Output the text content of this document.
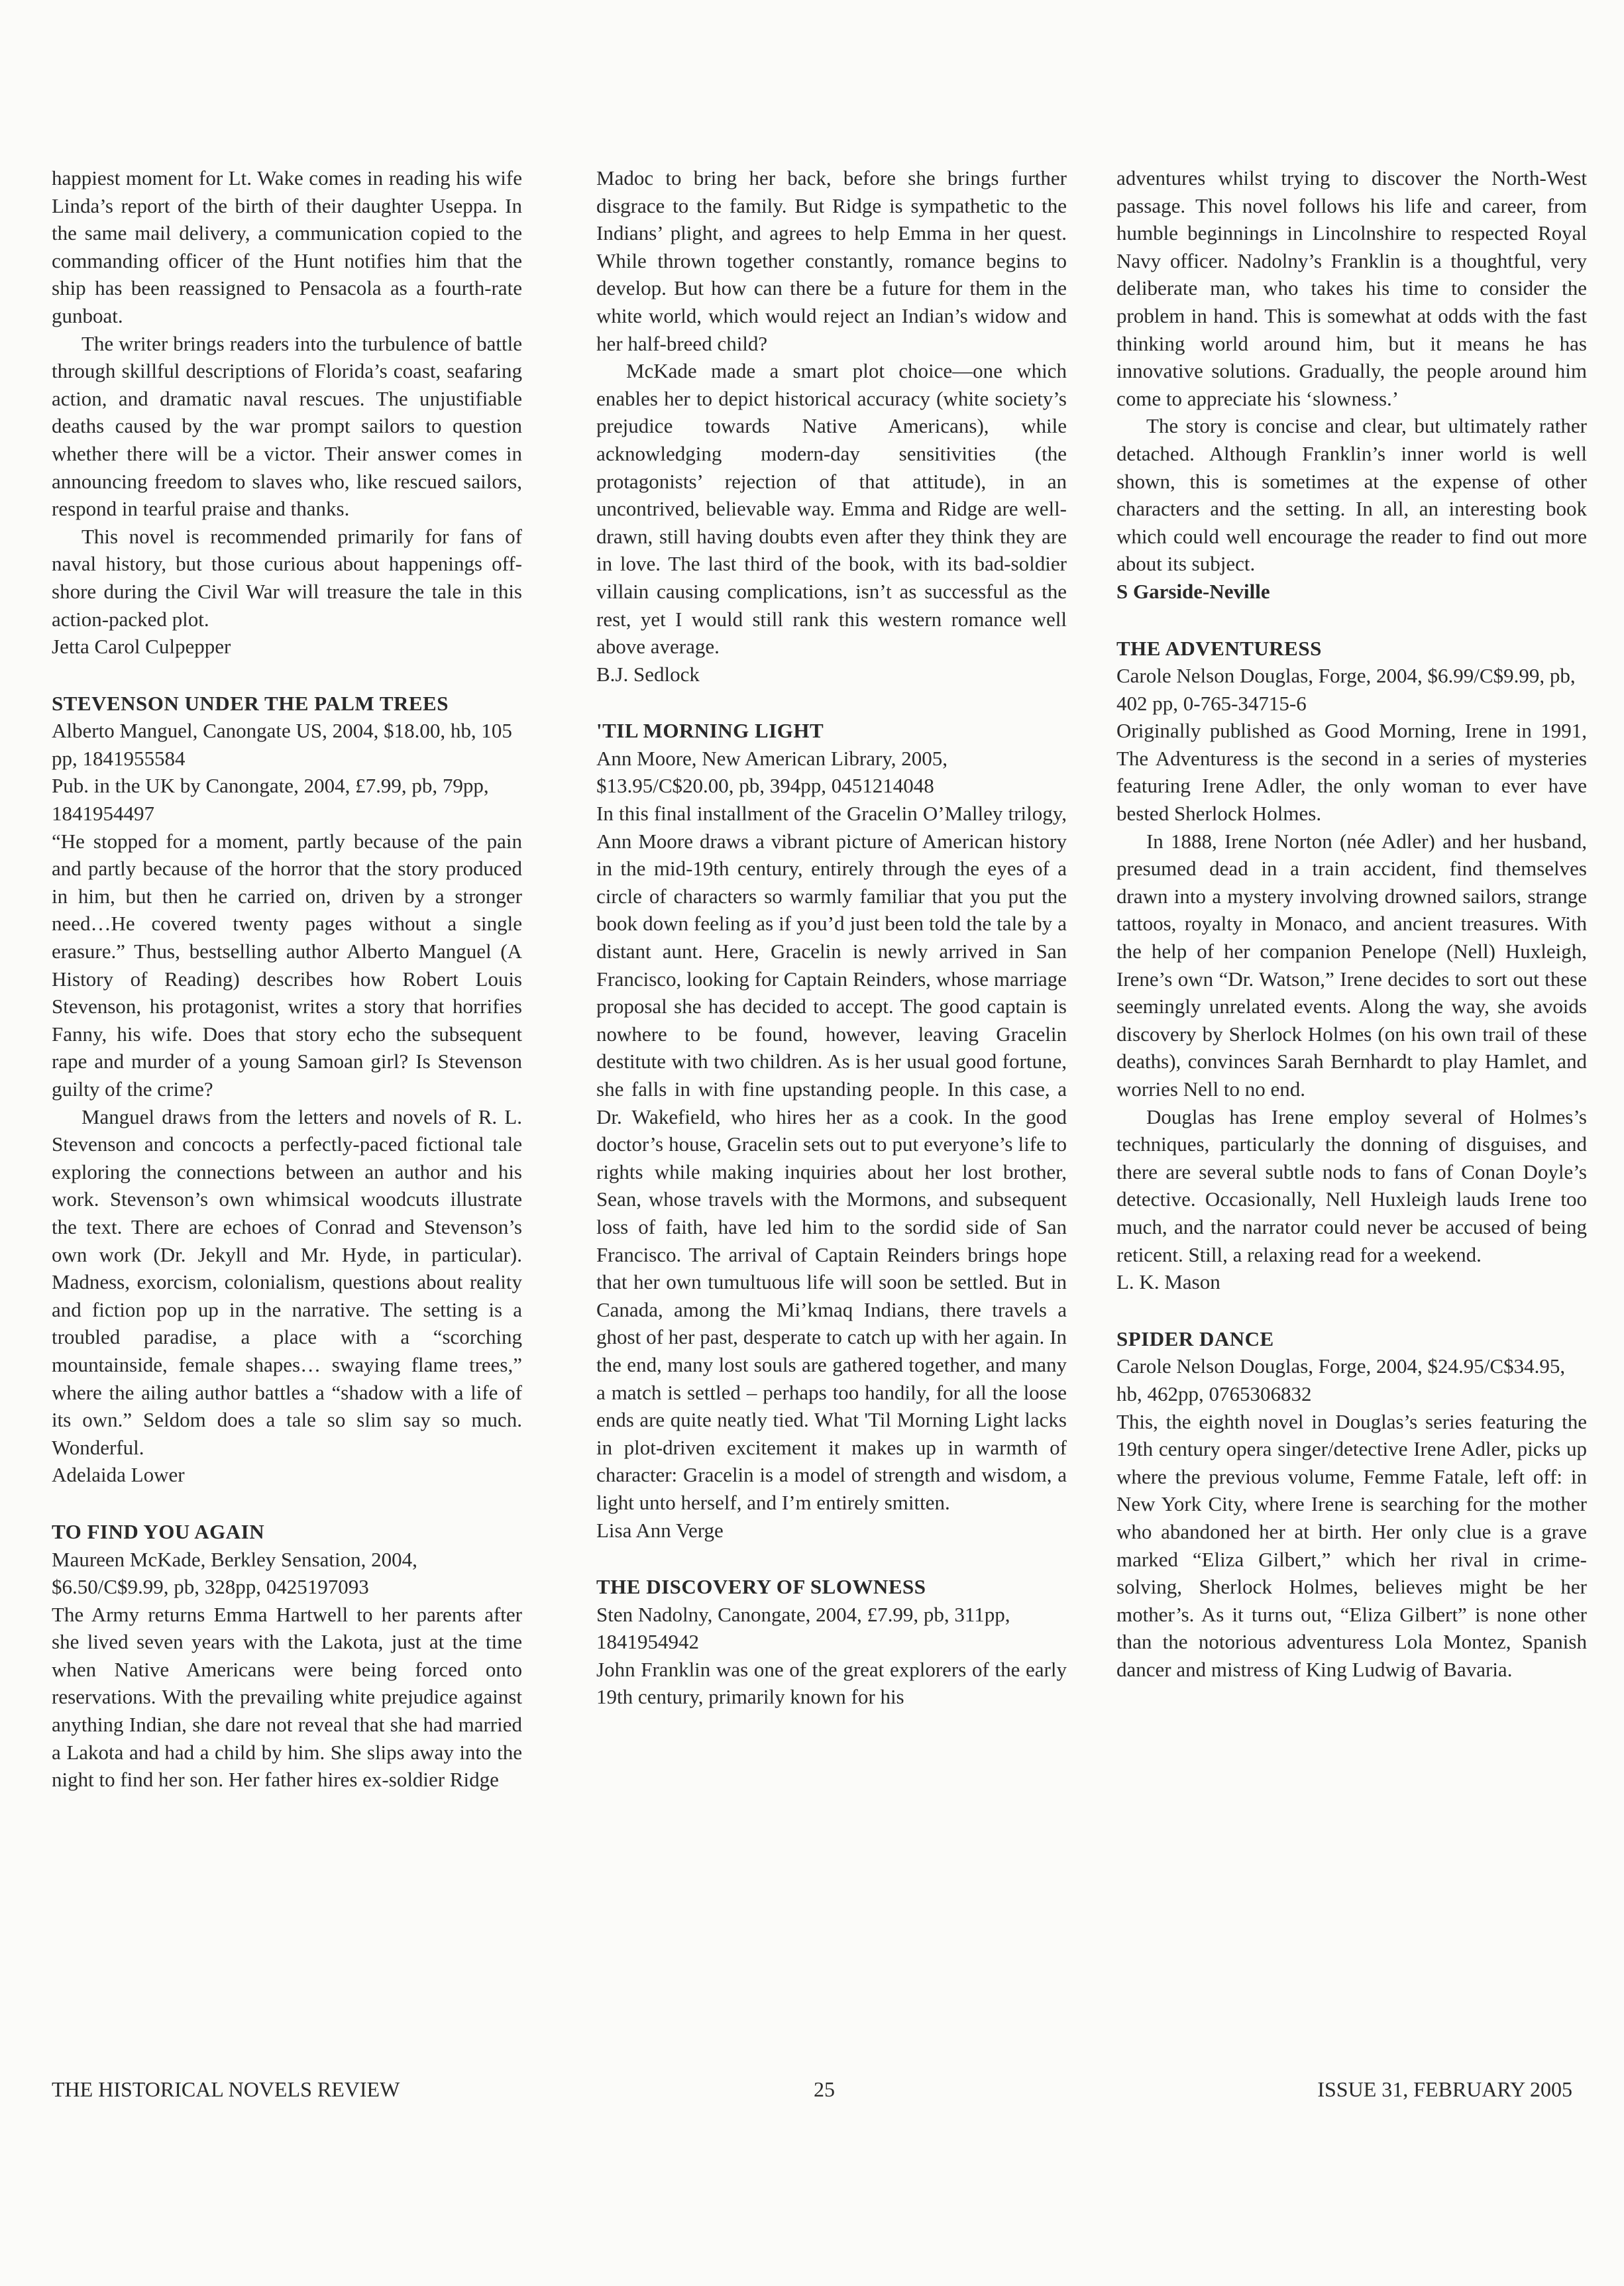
happiest moment for Lt. Wake comes in reading his wife Linda’s report of the birth of their daughter Useppa. In the same mail delivery, a communication copied to the commanding officer of the Hunt notifies him that the ship has been reassigned to Pensacola as a fourth-rate gunboat.

The writer brings readers into the turbulence of battle through skillful descriptions of Florida’s coast, seafaring action, and dramatic naval rescues. The unjustifiable deaths caused by the war prompt sailors to question whether there will be a victor. Their answer comes in announcing freedom to slaves who, like rescued sailors, respond in tearful praise and thanks.

This novel is recommended primarily for fans of naval history, but those curious about happenings off-shore during the Civil War will treasure the tale in this action-packed plot.

Jetta Carol Culpepper

STEVENSON UNDER THE PALM TREES

Alberto Manguel, Canongate US, 2004, $18.00, hb, 105 pp, 1841955584

Pub. in the UK by Canongate, 2004, £7.99, pb, 79pp, 1841954497

“He stopped for a moment, partly because of the pain and partly because of the horror that the story produced in him, but then he carried on, driven by a stronger need…He covered twenty pages without a single erasure.” Thus, bestselling author Alberto Manguel (A History of Reading) describes how Robert Louis Stevenson, his protagonist, writes a story that horrifies Fanny, his wife. Does that story echo the subsequent rape and murder of a young Samoan girl? Is Stevenson guilty of the crime?

Manguel draws from the letters and novels of R. L. Stevenson and concocts a perfectly-paced fictional tale exploring the connections between an author and his work. Stevenson’s own whimsical woodcuts illustrate the text. There are echoes of Conrad and Stevenson’s own work (Dr. Jekyll and Mr. Hyde, in particular). Madness, exorcism, colonialism, questions about reality and fiction pop up in the narrative. The setting is a troubled paradise, a place with a “scorching mountainside, female shapes… swaying flame trees,” where the ailing author battles a “shadow with a life of its own.” Seldom does a tale so slim say so much. Wonderful.

Adelaida Lower

TO FIND YOU AGAIN

Maureen McKade, Berkley Sensation, 2004, $6.50/C$9.99, pb, 328pp, 0425197093

The Army returns Emma Hartwell to her parents after she lived seven years with the Lakota, just at the time when Native Americans were being forced onto reservations. With the prevailing white prejudice against anything Indian, she dare not reveal that she had married a Lakota and had a child by him. She slips away into the night to find her son. Her father hires ex-soldier Ridge

Madoc to bring her back, before she brings further disgrace to the family. But Ridge is sympathetic to the Indians’ plight, and agrees to help Emma in her quest. While thrown together constantly, romance begins to develop. But how can there be a future for them in the white world, which would reject an Indian’s widow and her half-breed child?

McKade made a smart plot choice—one which enables her to depict historical accuracy (white society’s prejudice towards Native Americans), while acknowledging modern-day sensitivities (the protagonists’ rejection of that attitude), in an uncontrived, believable way. Emma and Ridge are well-drawn, still having doubts even after they think they are in love. The last third of the book, with its bad-soldier villain causing complications, isn’t as successful as the rest, yet I would still rank this western romance well above average.

B.J. Sedlock

'TIL MORNING LIGHT

Ann Moore, New American Library, 2005, $13.95/C$20.00, pb, 394pp, 0451214048

In this final installment of the Gracelin O’Malley trilogy, Ann Moore draws a vibrant picture of American history in the mid-19th century, entirely through the eyes of a circle of characters so warmly familiar that you put the book down feeling as if you’d just been told the tale by a distant aunt. Here, Gracelin is newly arrived in San Francisco, looking for Captain Reinders, whose marriage proposal she has decided to accept. The good captain is nowhere to be found, however, leaving Gracelin destitute with two children. As is her usual good fortune, she falls in with fine upstanding people. In this case, a Dr. Wakefield, who hires her as a cook. In the good doctor’s house, Gracelin sets out to put everyone’s life to rights while making inquiries about her lost brother, Sean, whose travels with the Mormons, and subsequent loss of faith, have led him to the sordid side of San Francisco. The arrival of Captain Reinders brings hope that her own tumultuous life will soon be settled. But in Canada, among the Mi’kmaq Indians, there travels a ghost of her past, desperate to catch up with her again. In the end, many lost souls are gathered together, and many a match is settled – perhaps too handily, for all the loose ends are quite neatly tied. What 'Til Morning Light lacks in plot-driven excitement it makes up in warmth of character: Gracelin is a model of strength and wisdom, a light unto herself, and I’m entirely smitten.

Lisa Ann Verge

THE DISCOVERY OF SLOWNESS

Sten Nadolny, Canongate, 2004, £7.99, pb, 311pp, 1841954942

John Franklin was one of the great explorers of the early 19th century, primarily known for his

adventures whilst trying to discover the North-West passage. This novel follows his life and career, from humble beginnings in Lincolnshire to respected Royal Navy officer. Nadolny’s Franklin is a thoughtful, very deliberate man, who takes his time to consider the problem in hand. This is somewhat at odds with the fast thinking world around him, but it means he has innovative solutions. Gradually, the people around him come to appreciate his ‘slowness.’

The story is concise and clear, but ultimately rather detached. Although Franklin’s inner world is well shown, this is sometimes at the expense of other characters and the setting. In all, an interesting book which could well encourage the reader to find out more about its subject.

S Garside-Neville

THE ADVENTURESS

Carole Nelson Douglas, Forge, 2004, $6.99/C$9.99, pb, 402 pp, 0-765-34715-6

Originally published as Good Morning, Irene in 1991, The Adventuress is the second in a series of mysteries featuring Irene Adler, the only woman to ever have bested Sherlock Holmes.

In 1888, Irene Norton (née Adler) and her husband, presumed dead in a train accident, find themselves drawn into a mystery involving drowned sailors, strange tattoos, royalty in Monaco, and ancient treasures. With the help of her companion Penelope (Nell) Huxleigh, Irene’s own “Dr. Watson,” Irene decides to sort out these seemingly unrelated events. Along the way, she avoids discovery by Sherlock Holmes (on his own trail of these deaths), convinces Sarah Bernhardt to play Hamlet, and worries Nell to no end.

Douglas has Irene employ several of Holmes’s techniques, particularly the donning of disguises, and there are several subtle nods to fans of Conan Doyle’s detective. Occasionally, Nell Huxleigh lauds Irene too much, and the narrator could never be accused of being reticent. Still, a relaxing read for a weekend.

L. K. Mason

SPIDER DANCE

Carole Nelson Douglas, Forge, 2004, $24.95/C$34.95, hb, 462pp, 0765306832

This, the eighth novel in Douglas’s series featuring the 19th century opera singer/detective Irene Adler, picks up where the previous volume, Femme Fatale, left off: in New York City, where Irene is searching for the mother who abandoned her at birth. Her only clue is a grave marked “Eliza Gilbert,” which her rival in crime-solving, Sherlock Holmes, believes might be her mother’s. As it turns out, “Eliza Gilbert” is none other than the notorious adventuress Lola Montez, Spanish dancer and mistress of King Ludwig of Bavaria.

THE HISTORICAL NOVELS REVIEW	25	ISSUE 31, FEBRUARY 2005
